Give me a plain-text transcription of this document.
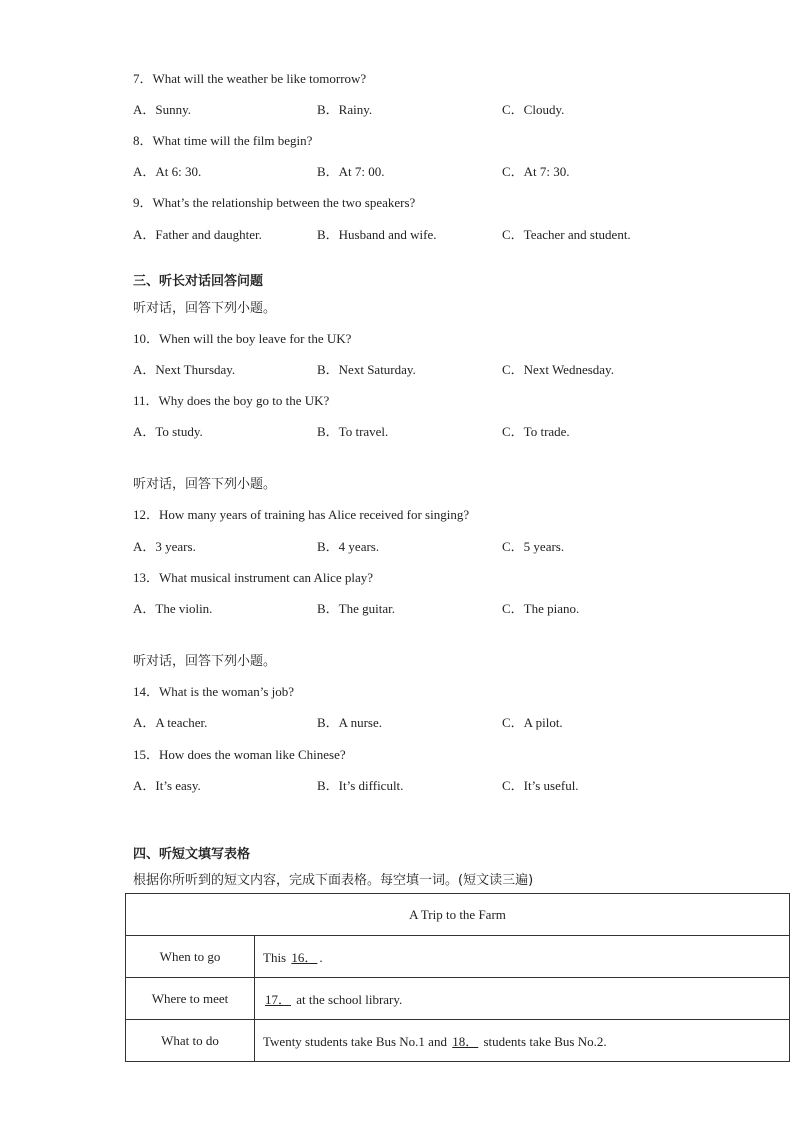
7．What will the weather be like tomorrow?
A．Sunny.	B．Rainy.	C．Cloudy.
8．What time will the film begin?
A．At 6: 30.	B．At 7: 00.	C．At 7: 30.
9．What’s the relationship between the two speakers?
A．Father and daughter.	B．Husband and wife.	C．Teacher and student.
三、听长对话回答问题
听对话，回答下列小题。
10．When will the boy leave for the UK?
A．Next Thursday.	B．Next Saturday.	C．Next Wednesday.
11．Why does the boy go to the UK?
A．To study.	B．To travel.	C．To trade.
听对话，回答下列小题。
12．How many years of training has Alice received for singing?
A．3 years.	B．4 years.	C．5 years.
13．What musical instrument can Alice play?
A．The violin.	B．The guitar.	C．The piano.
听对话，回答下列小题。
14．What is the woman’s job?
A．A teacher.	B．A nurse.	C．A pilot.
15．How does the woman like Chinese?
A．It’s easy.	B．It’s difficult.	C．It’s useful.
四、听短文填写表格
根据你所听到的短文内容，完成下面表格。每空填一词。(短文读三遍)
A Trip to the Farm	
When to go	This 16． .
Where to meet	17． at the school library.
What to do	Twenty students take Bus No.1 and 18． students take Bus No.2.
